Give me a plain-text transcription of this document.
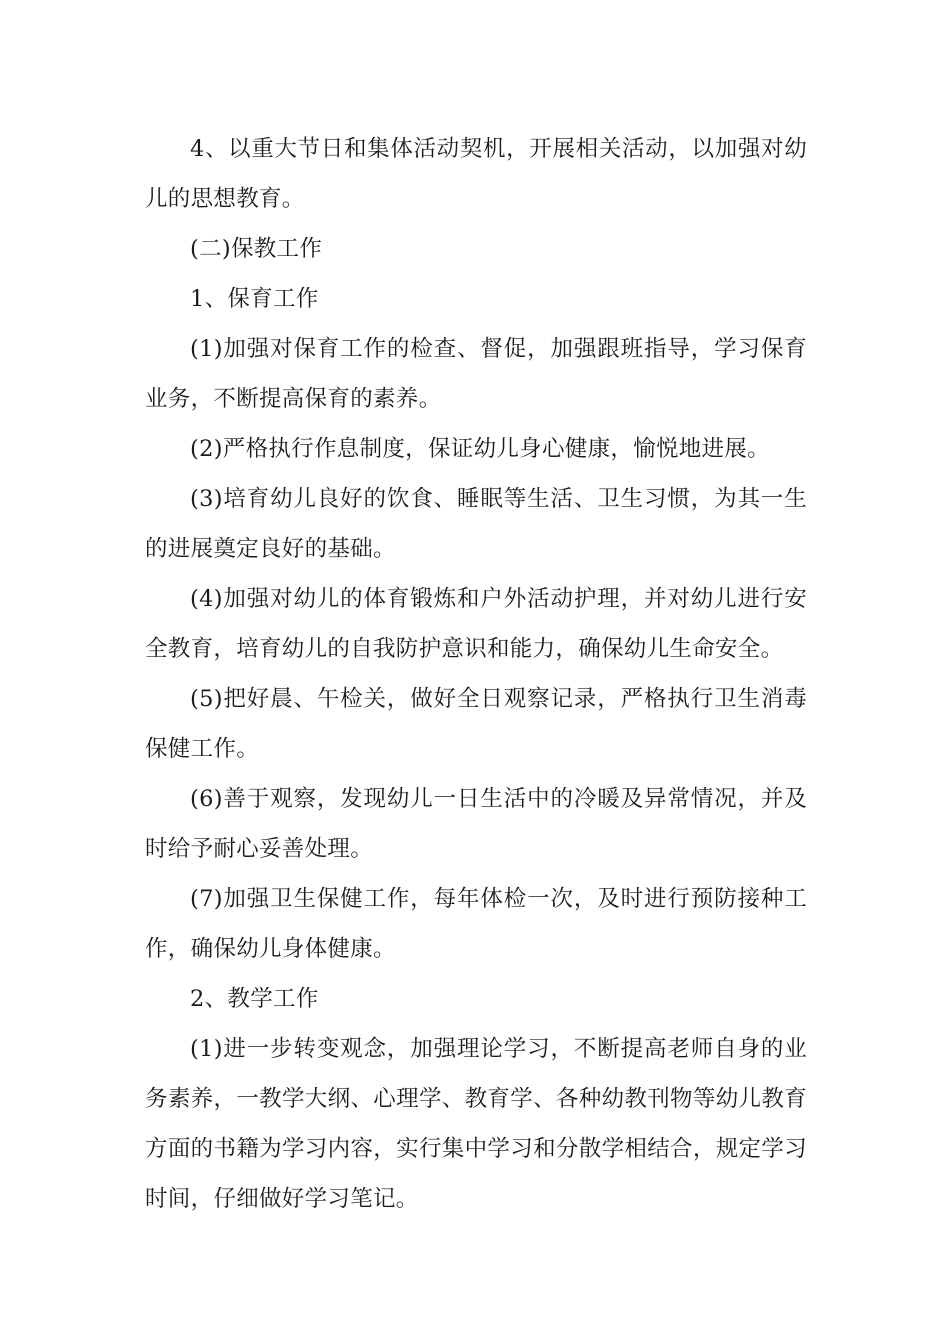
4、以重大节日和集体活动契机，开展相关活动，以加强对幼儿的思想教育。

(二)保教工作

1、保育工作

(1)加强对保育工作的检查、督促，加强跟班指导，学习保育业务，不断提高保育的素养。

(2)严格执行作息制度，保证幼儿身心健康，愉悦地进展。

(3)培育幼儿良好的饮食、睡眠等生活、卫生习惯，为其一生的进展奠定良好的基础。

(4)加强对幼儿的体育锻炼和户外活动护理，并对幼儿进行安全教育，培育幼儿的自我防护意识和能力，确保幼儿生命安全。

(5)把好晨、午检关，做好全日观察记录，严格执行卫生消毒保健工作。

(6)善于观察，发现幼儿一日生活中的冷暖及异常情况，并及时给予耐心妥善处理。

(7)加强卫生保健工作，每年体检一次，及时进行预防接种工作，确保幼儿身体健康。

2、教学工作

(1)进一步转变观念，加强理论学习，不断提高老师自身的业务素养，一教学大纲、心理学、教育学、各种幼教刊物等幼儿教育方面的书籍为学习内容，实行集中学习和分散学相结合，规定学习时间，仔细做好学习笔记。
